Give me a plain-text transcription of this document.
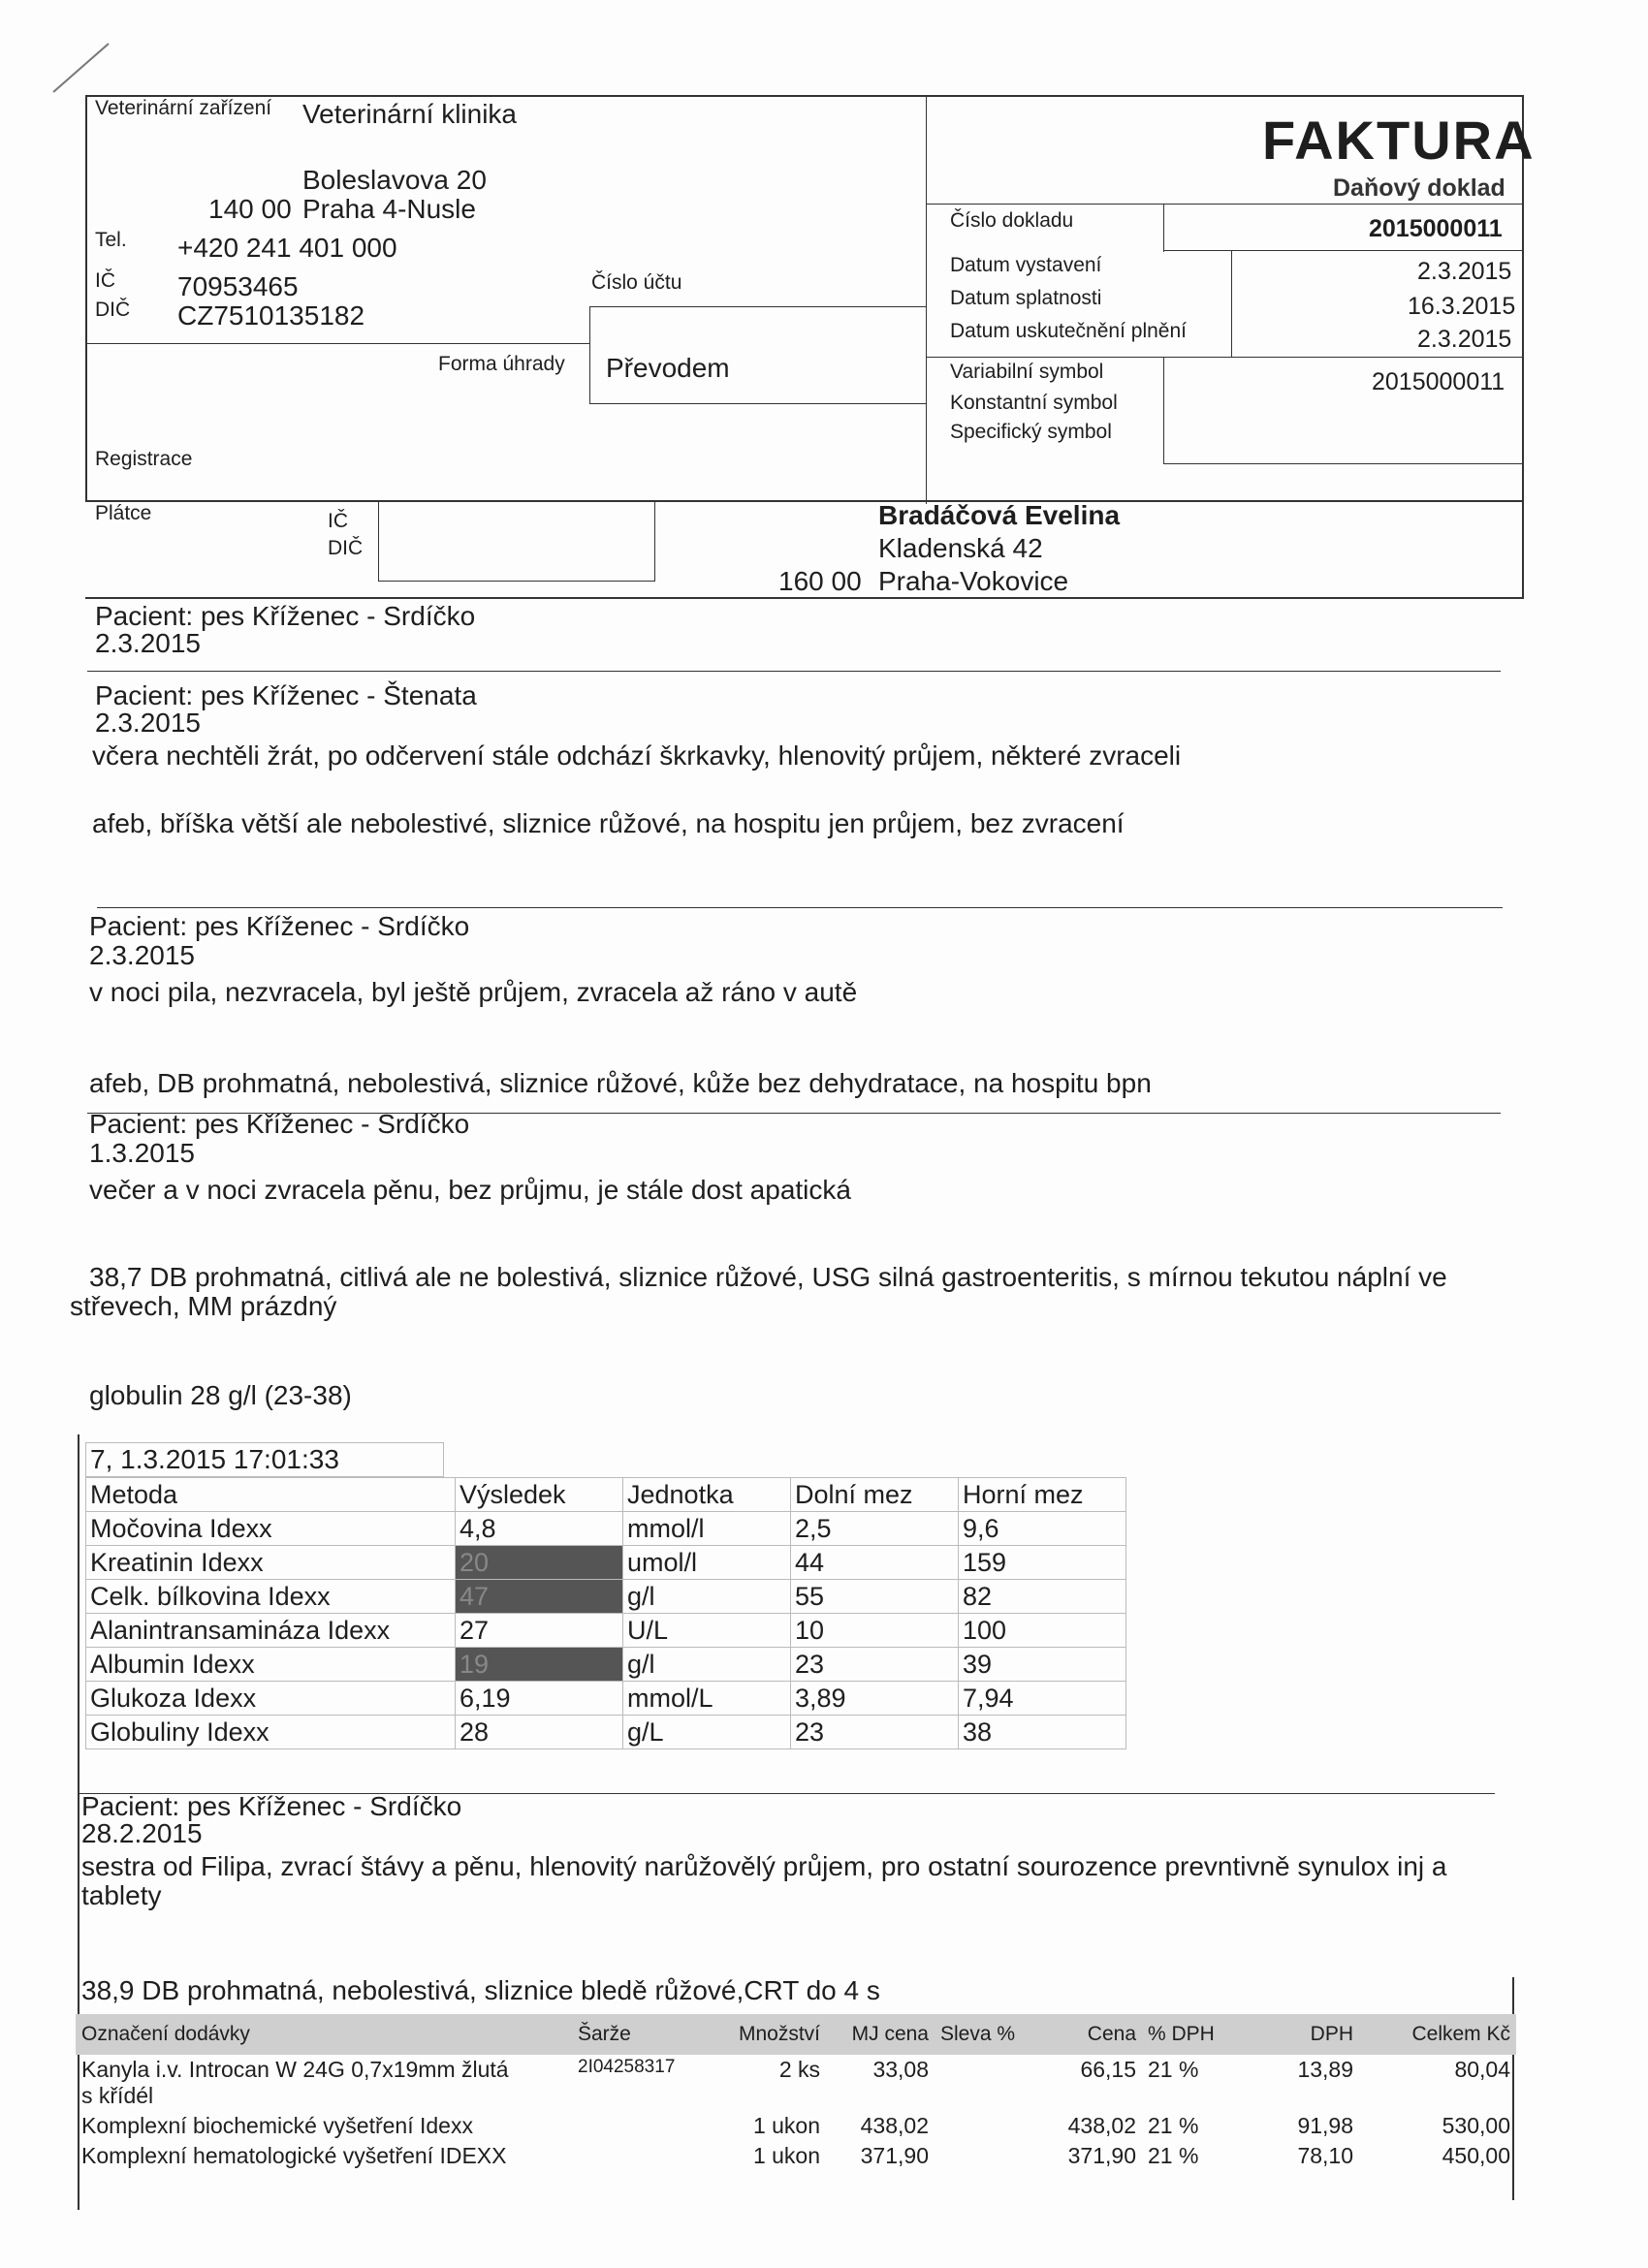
Veterinární zařízení Veterinární klinika
Boleslavova 20
140 00 Praha 4-Nusle
Tel. +420 241 401 000
IČ 70953465
DIČ CZ7510135182
Číslo účtu
Forma úhrady Převodem
Registrace
FAKTURA
Daňový doklad
Číslo dokladu	2015000011
Datum vystavení	2.3.2015
Datum splatnosti	16.3.2015
Datum uskutečnění plnění	2.3.2015
Variabilní symbol	2015000011
Konstantní symbol
Specifický symbol
Plátce	IČ
DIČ
Bradáčová Evelina
Kladenská 42
160 00 Praha-Vokovice
Pacient: pes Kříženec - Srdíčko
2.3.2015
Pacient: pes Kříženec - Štenata
2.3.2015
včera nechtěli žrát, po odčervení stále odchází škrkavky, hlenovitý průjem, některé zvraceli
afeb, bříška větší ale nebolestivé, sliznice růžové, na hospitu jen průjem, bez zvracení
Pacient: pes Kříženec - Srdíčko
2.3.2015
v noci pila, nezvracela, byl ještě průjem, zvracela až ráno v autě
afeb, DB prohmatná, nebolestivá, sliznice růžové, kůže bez dehydratace, na hospitu bpn
Pacient: pes Kříženec - Srdíčko
1.3.2015
večer a v noci zvracela pěnu, bez průjmu, je stále dost apatická
38,7 DB prohmatná, citlivá ale ne bolestivá, sliznice růžové, USG silná gastroenteritis, s mírnou tekutou náplní ve
střevech, MM prázdný
globulin 28 g/l (23-38)
7, 1.3.2015 17:01:33
Metoda	Výsledek	Jednotka	Dolní mez	Horní mez
Močovina Idexx	4,8	mmol/l	2,5	9,6
Kreatinin Idexx	20	umol/l	44	159
Celk. bílkovina Idexx	47	g/l	55	82
Alanintransamináza Idexx	27	U/L	10	100
Albumin Idexx	19	g/l	23	39
Glukoza Idexx	6,19	mmol/L	3,89	7,94
Globuliny Idexx	28	g/L	23	38
Pacient: pes Kříženec - Srdíčko
28.2.2015
sestra od Filipa, zvrací štávy a pěnu, hlenovitý narůžovělý průjem, pro ostatní sourozence prevntivně synulox inj a
tablety
38,9 DB prohmatná, nebolestivá, sliznice bledě růžové,CRT do 4 s
Označení dodávky	Šarže	Množství	MJ cena	Sleva %	Cena	% DPH	DPH	Celkem Kč

Kanyla i.v. Introcan W 24G 0,7x19mm žlutá
s křídél	2I04258317	2 ks	33,08		66,15	21 %	13,89	80,04

Komplexní biochemické vyšetření Idexx		1 ukon	438,02		438,02	21 %	91,98	530,00

Komplexní hematologické vyšetření IDEXX		1 ukon	371,90		371,90	21 %	78,10	450,00
